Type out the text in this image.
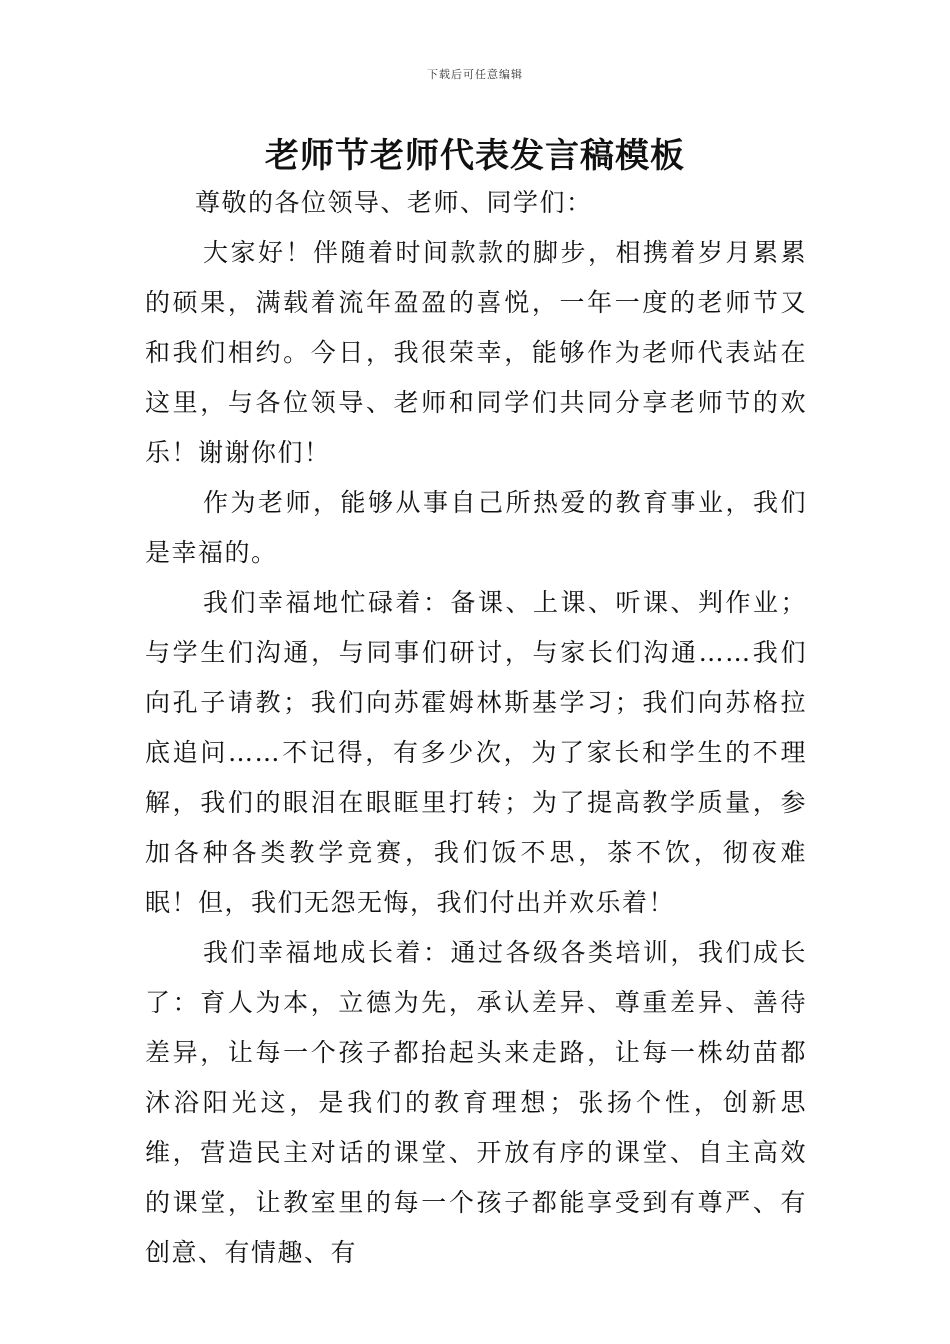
下载后可任意编辑
老师节老师代表发言稿模板

尊敬的各位领导、老师、同学们：

大家好！伴随着时间款款的脚步，相携着岁月累累的硕果，满载着流年盈盈的喜悦，一年一度的老师节又和我们相约。今日，我很荣幸，能够作为老师代表站在这里，与各位领导、老师和同学们共同分享老师节的欢乐！谢谢你们！

作为老师，能够从事自己所热爱的教育事业，我们是幸福的。

我们幸福地忙碌着：备课、上课、听课、判作业；与学生们沟通，与同事们研讨，与家长们沟通……我们向孔子请教；我们向苏霍姆林斯基学习；我们向苏格拉底追问……不记得，有多少次，为了家长和学生的不理解，我们的眼泪在眼眶里打转；为了提高教学质量，参加各种各类教学竞赛，我们饭不思，茶不饮，彻夜难眠！但，我们无怨无悔，我们付出并欢乐着！

我们幸福地成长着：通过各级各类培训，我们成长了：育人为本，立德为先，承认差异、尊重差异、善待差异，让每一个孩子都抬起头来走路，让每一株幼苗都沐浴阳光这，是我们的教育理想；张扬个性，创新思维，营造民主对话的课堂、开放有序的课堂、自主高效的课堂，让教室里的每一个孩子都能享受到有尊严、有创意、有情趣、有
